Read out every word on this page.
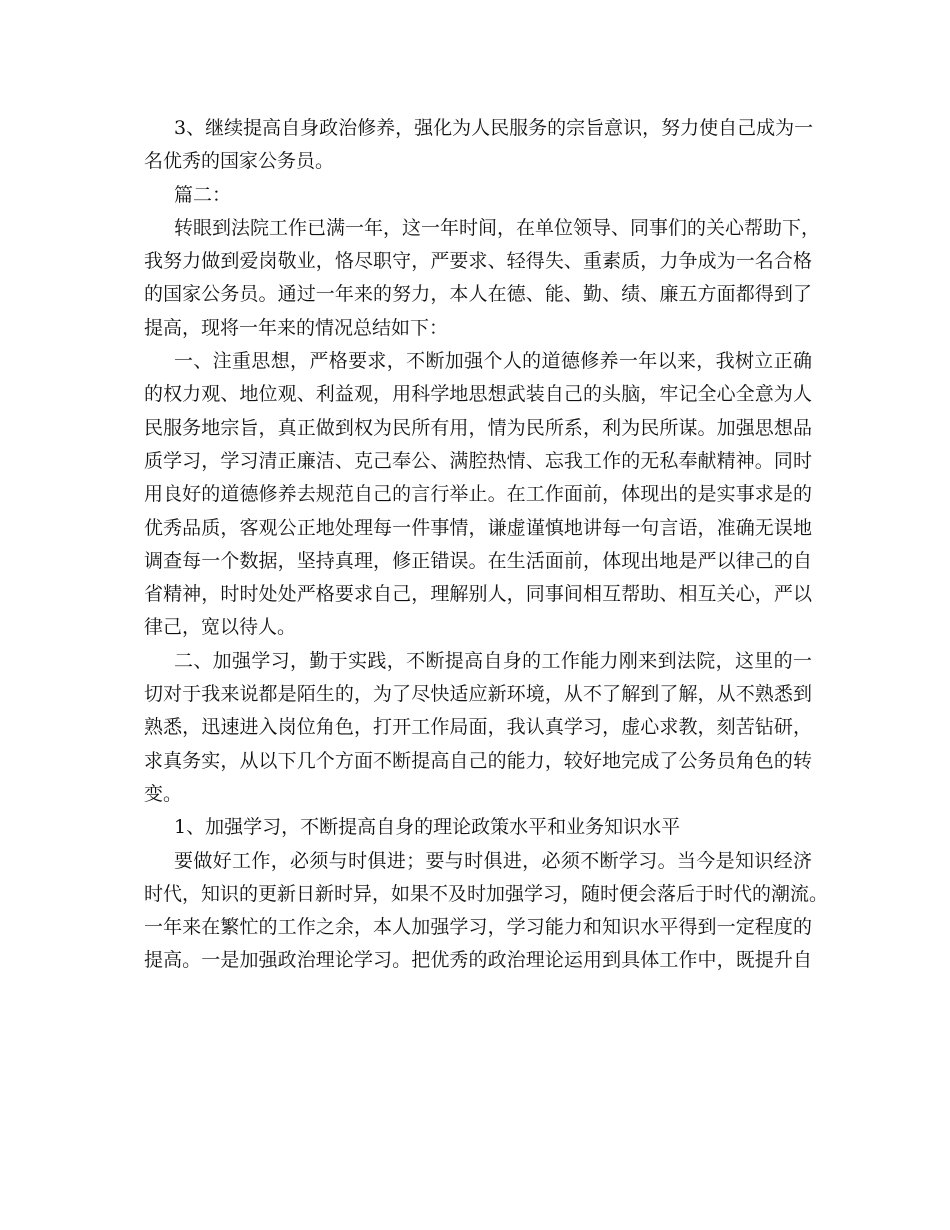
3、继续提高自身政治修养，强化为人民服务的宗旨意识，努力使自己成为一
名优秀的国家公务员。
篇二：
转眼到法院工作已满一年，这一年时间，在单位领导、同事们的关心帮助下，
我努力做到爱岗敬业，恪尽职守，严要求、轻得失、重素质，力争成为一名合格
的国家公务员。通过一年来的努力，本人在德、能、勤、绩、廉五方面都得到了
提高，现将一年来的情况总结如下：
一、注重思想，严格要求，不断加强个人的道德修养一年以来，我树立正确
的权力观、地位观、利益观，用科学地思想武装自己的头脑，牢记全心全意为人
民服务地宗旨，真正做到权为民所有用，情为民所系，利为民所谋。加强思想品
质学习，学习清正廉洁、克己奉公、满腔热情、忘我工作的无私奉献精神。同时
用良好的道德修养去规范自己的言行举止。在工作面前，体现出的是实事求是的
优秀品质，客观公正地处理每一件事情，谦虚谨慎地讲每一句言语，准确无误地
调查每一个数据，坚持真理，修正错误。在生活面前，体现出地是严以律己的自
省精神，时时处处严格要求自己，理解别人，同事间相互帮助、相互关心，严以
律己，宽以待人。
二、加强学习，勤于实践，不断提高自身的工作能力刚来到法院，这里的一
切对于我来说都是陌生的，为了尽快适应新环境，从不了解到了解，从不熟悉到
熟悉，迅速进入岗位角色，打开工作局面，我认真学习，虚心求教，刻苦钻研，
求真务实，从以下几个方面不断提高自己的能力，较好地完成了公务员角色的转
变。
1、加强学习，不断提高自身的理论政策水平和业务知识水平
要做好工作，必须与时俱进；要与时俱进，必须不断学习。当今是知识经济
时代，知识的更新日新时异，如果不及时加强学习，随时便会落后于时代的潮流。
一年来在繁忙的工作之余，本人加强学习，学习能力和知识水平得到一定程度的
提高。一是加强政治理论学习。把优秀的政治理论运用到具体工作中，既提升自
